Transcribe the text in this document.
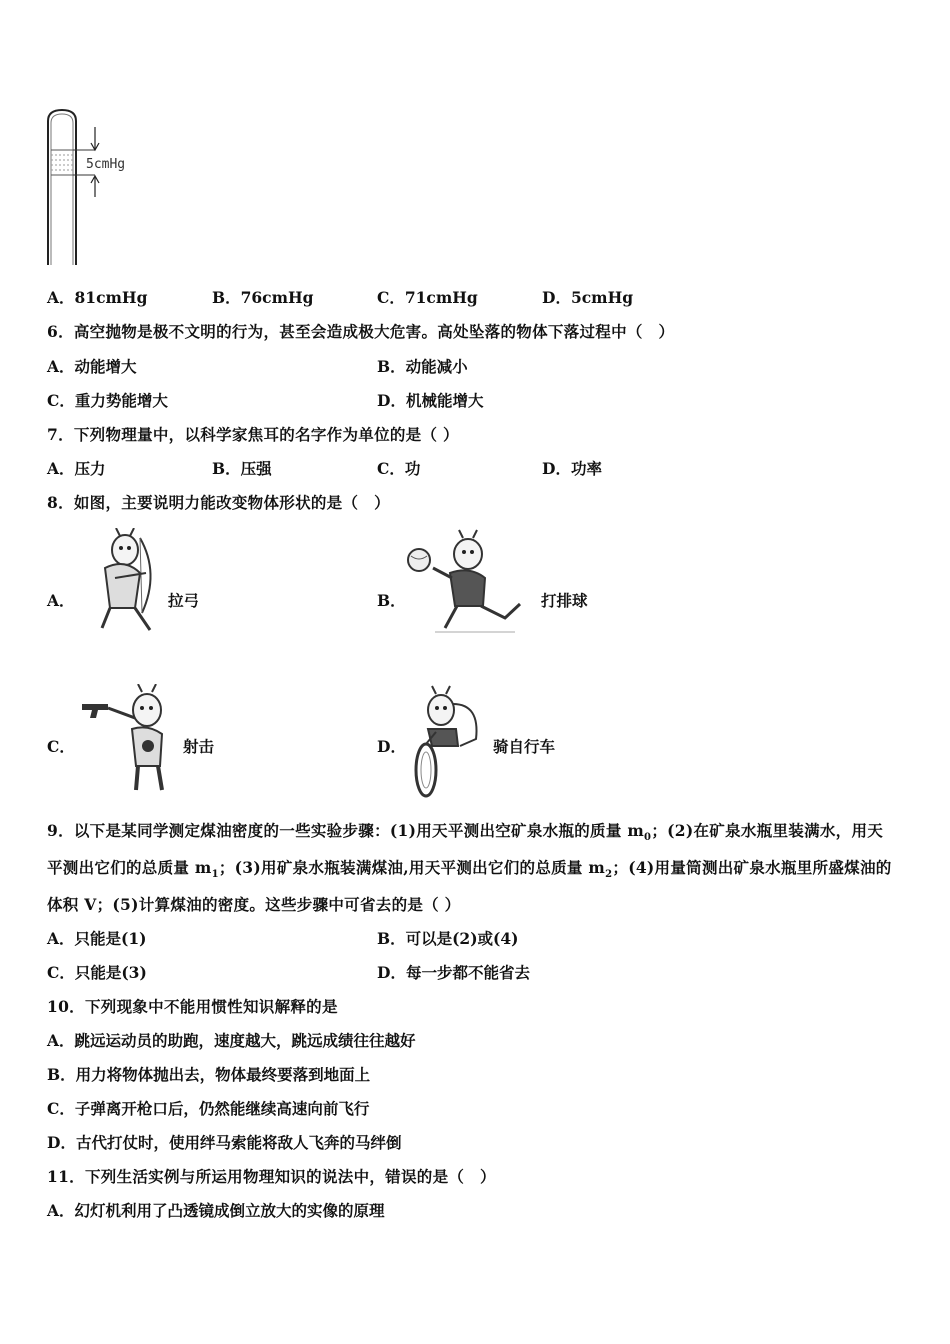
5cmHg
A．81cmHg	B．76cmHg	C．71cmHg	D．5cmHg
6．高空抛物是极不文明的行为，甚至会造成极大危害。高处坠落的物体下落过程中（　）
A．动能增大	B．动能减小
C．重力势能增大	D．机械能增大
7．下列物理量中，以科学家焦耳的名字作为单位的是（ ）
A．压力	B．压强	C．功	D．功率
8．如图，主要说明力能改变物体形状的是（　）
A．	拉弓	B．	打排球
C．	射击	D．	骑自行车
9．以下是某同学测定煤油密度的一些实验步骤：(1)用天平测出空矿泉水瓶的质量 $m_0$；(2)在矿泉水瓶里装满水，用天
平测出它们的总质量 $m_1$；(3)用矿泉水瓶装满煤油,用天平测出它们的总质量 $m_2$；(4)用量筒测出矿泉水瓶里所盛煤油的
体积 V；(5)计算煤油的密度。这些步骤中可省去的是（ ）
A．只能是(1)	B．可以是(2)或(4)
C．只能是(3)	D．每一步都不能省去
10．下列现象中不能用惯性知识解释的是
A．跳远运动员的助跑，速度越大，跳远成绩往往越好
B．用力将物体抛出去，物体最终要落到地面上
C．子弹离开枪口后，仍然能继续高速向前飞行
D．古代打仗时，使用绊马索能将敌人飞奔的马绊倒
11．下列生活实例与所运用物理知识的说法中，错误的是（　）
A．幻灯机利用了凸透镜成倒立放大的实像的原理
